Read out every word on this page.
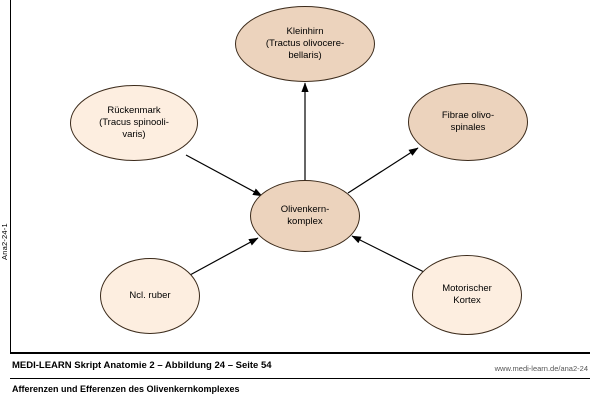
Ana2-24-1
Kleinhirn
(Tractus olivocere-
bellaris)
Rückenmark
(Tracus spinooli-
varis)
Fibrae olivo-
spinales
Olivenkern-
komplex
Ncl. ruber
Motorischer
Kortex
MEDI-LEARN Skript Anatomie 2 – Abbildung 24 – Seite 54	www.medi-learn.de/ana2-24
Afferenzen und Efferenzen des Olivenkernkomplexes
